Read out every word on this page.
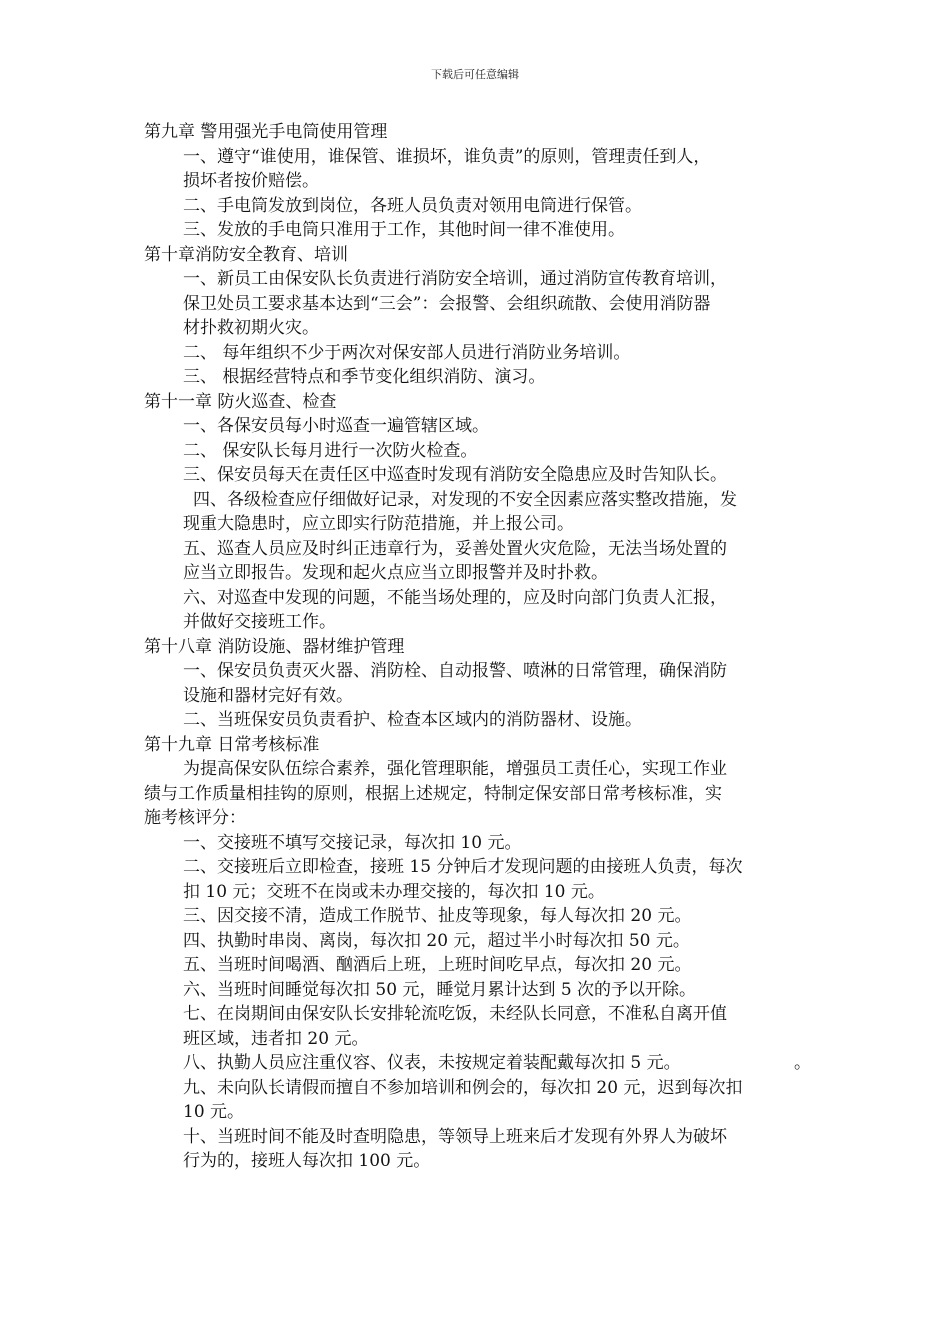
下载后可任意编辑
第九章 警用强光手电筒使用管理
一、遵守“谁使用，谁保管、谁损坏，谁负责”的原则，管理责任到人，
损坏者按价赔偿。
二、手电筒发放到岗位，各班人员负责对领用电筒进行保管。
三、发放的手电筒只准用于工作，其他时间一律不准使用。
第十章消防安全教育、培训
一、新员工由保安队长负责进行消防安全培训，通过消防宣传教育培训，
保卫处员工要求基本达到“三会”：会报警、会组织疏散、会使用消防器
材扑救初期火灾。
二、 每年组织不少于两次对保安部人员进行消防业务培训。
三、 根据经营特点和季节变化组织消防、演习。
第十一章 防火巡查、检查
一、各保安员每小时巡查一遍管辖区域。
二、 保安队长每月进行一次防火检查。
三、保安员每天在责任区中巡查时发现有消防安全隐患应及时告知队长。
四、各级检查应仔细做好记录，对发现的不安全因素应落实整改措施，发
现重大隐患时，应立即实行防范措施，并上报公司。
五、巡查人员应及时纠正违章行为，妥善处置火灾危险，无法当场处置的
应当立即报告。发现和起火点应当立即报警并及时扑救。
六、对巡查中发现的问题，不能当场处理的，应及时向部门负责人汇报，
并做好交接班工作。
第十八章 消防设施、器材维护管理
一、保安员负责灭火器、消防栓、自动报警、喷淋的日常管理，确保消防
设施和器材完好有效。
二、当班保安员负责看护、检查本区域内的消防器材、设施。
第十九章 日常考核标准
为提高保安队伍综合素养，强化管理职能，增强员工责任心，实现工作业
绩与工作质量相挂钩的原则，根据上述规定，特制定保安部日常考核标准，实
施考核评分：
一、交接班不填写交接记录，每次扣 10 元。
二、交接班后立即检查，接班 15 分钟后才发现问题的由接班人负责，每次
扣 10 元；交班不在岗或未办理交接的，每次扣 10 元。
三、因交接不清，造成工作脱节、扯皮等现象，每人每次扣 20 元。
四、执勤时串岗、离岗，每次扣 20 元，超过半小时每次扣 50 元。
五、当班时间喝酒、酗酒后上班，上班时间吃早点，每次扣 20 元。
六、当班时间睡觉每次扣 50 元，睡觉月累计达到 5 次的予以开除。
七、在岗期间由保安队长安排轮流吃饭，未经队长同意，不准私自离开值
班区域，违者扣 20 元。
八、执勤人员应注重仪容、仪表，未按规定着装配戴每次扣 5 元。	。
九、未向队长请假而擅自不参加培训和例会的，每次扣 20 元，迟到每次扣
10 元。
十、当班时间不能及时查明隐患，等领导上班来后才发现有外界人为破坏
行为的，接班人每次扣 100 元。
